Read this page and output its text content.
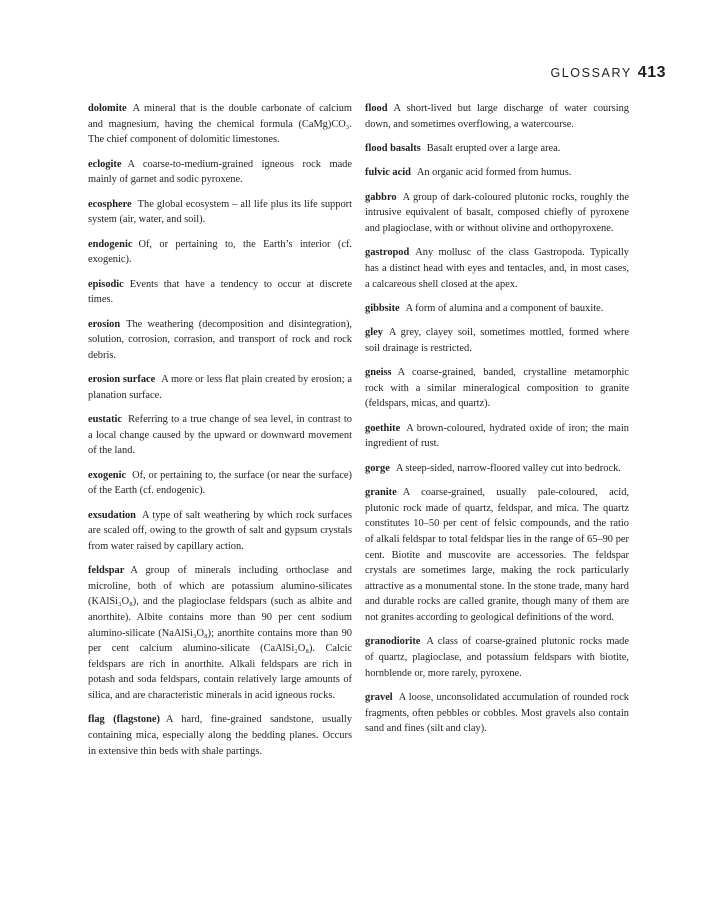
GLOSSARY 413

dolomite A mineral that is the double carbonate of calcium and magnesium, having the chemical formula (CaMg)CO₃. The chief component of dolomitic limestones.

eclogite A coarse-to-medium-grained igneous rock made mainly of garnet and sodic pyroxene.

ecosphere The global ecosystem – all life plus its life support system (air, water, and soil).

endogenic Of, or pertaining to, the Earth’s interior (cf. exogenic).

episodic Events that have a tendency to occur at discrete times.

erosion The weathering (decomposition and disintegration), solution, corrosion, corrasion, and transport of rock and rock debris.

erosion surface A more or less flat plain created by erosion; a planation surface.

eustatic Referring to a true change of sea level, in contrast to a local change caused by the upward or downward movement of the land.

exogenic Of, or pertaining to, the surface (or near the surface) of the Earth (cf. endogenic).

exsudation A type of salt weathering by which rock surfaces are scaled off, owing to the growth of salt and gypsum crystals from water raised by capillary action.

feldspar A group of minerals including orthoclase and microline, both of which are potassium alumino-silicates (KAlSi₃O₈), and the plagioclase feldspars (such as albite and anorthite). Albite contains more than 90 per cent sodium alumino-silicate (NaAlSi₃O₈); anorthite contains more than 90 per cent calcium alumino-silicate (CaAlSi₂O₈). Calcic feldspars are rich in anorthite. Alkali feldspars are rich in potash and soda feldspars, contain relatively large amounts of silica, and are characteristic minerals in acid igneous rocks.

flag (flagstone) A hard, fine-grained sandstone, usually containing mica, especially along the bedding planes. Occurs in extensive thin beds with shale partings.

flood A short-lived but large discharge of water coursing down, and sometimes overflowing, a watercourse.

flood basalts Basalt erupted over a large area.

fulvic acid An organic acid formed from humus.

gabbro A group of dark-coloured plutonic rocks, roughly the intrusive equivalent of basalt, composed chiefly of pyroxene and plagioclase, with or without olivine and orthopyroxene.

gastropod Any mollusc of the class Gastropoda. Typically has a distinct head with eyes and tentacles, and, in most cases, a calcareous shell closed at the apex.

gibbsite A form of alumina and a component of bauxite.

gley A grey, clayey soil, sometimes mottled, formed where soil drainage is restricted.

gneiss A coarse-grained, banded, crystalline metamorphic rock with a similar mineralogical composition to granite (feldspars, micas, and quartz).

goethite A brown-coloured, hydrated oxide of iron; the main ingredient of rust.

gorge A steep-sided, narrow-floored valley cut into bedrock.

granite A coarse-grained, usually pale-coloured, acid, plutonic rock made of quartz, feldspar, and mica. The quartz constitutes 10–50 per cent of felsic compounds, and the ratio of alkali feldspar to total feldspar lies in the range of 65–90 per cent. Biotite and muscovite are accessories. The feldspar crystals are sometimes large, making the rock particularly attractive as a monumental stone. In the stone trade, many hard and durable rocks are called granite, though many of them are not granites according to geological definitions of the word.

granodiorite A class of coarse-grained plutonic rocks made of quartz, plagioclase, and potassium feldspars with biotite, hornblende or, more rarely, pyroxene.

gravel A loose, unconsolidated accumulation of rounded rock fragments, often pebbles or cobbles. Most gravels also contain sand and fines (silt and clay).
